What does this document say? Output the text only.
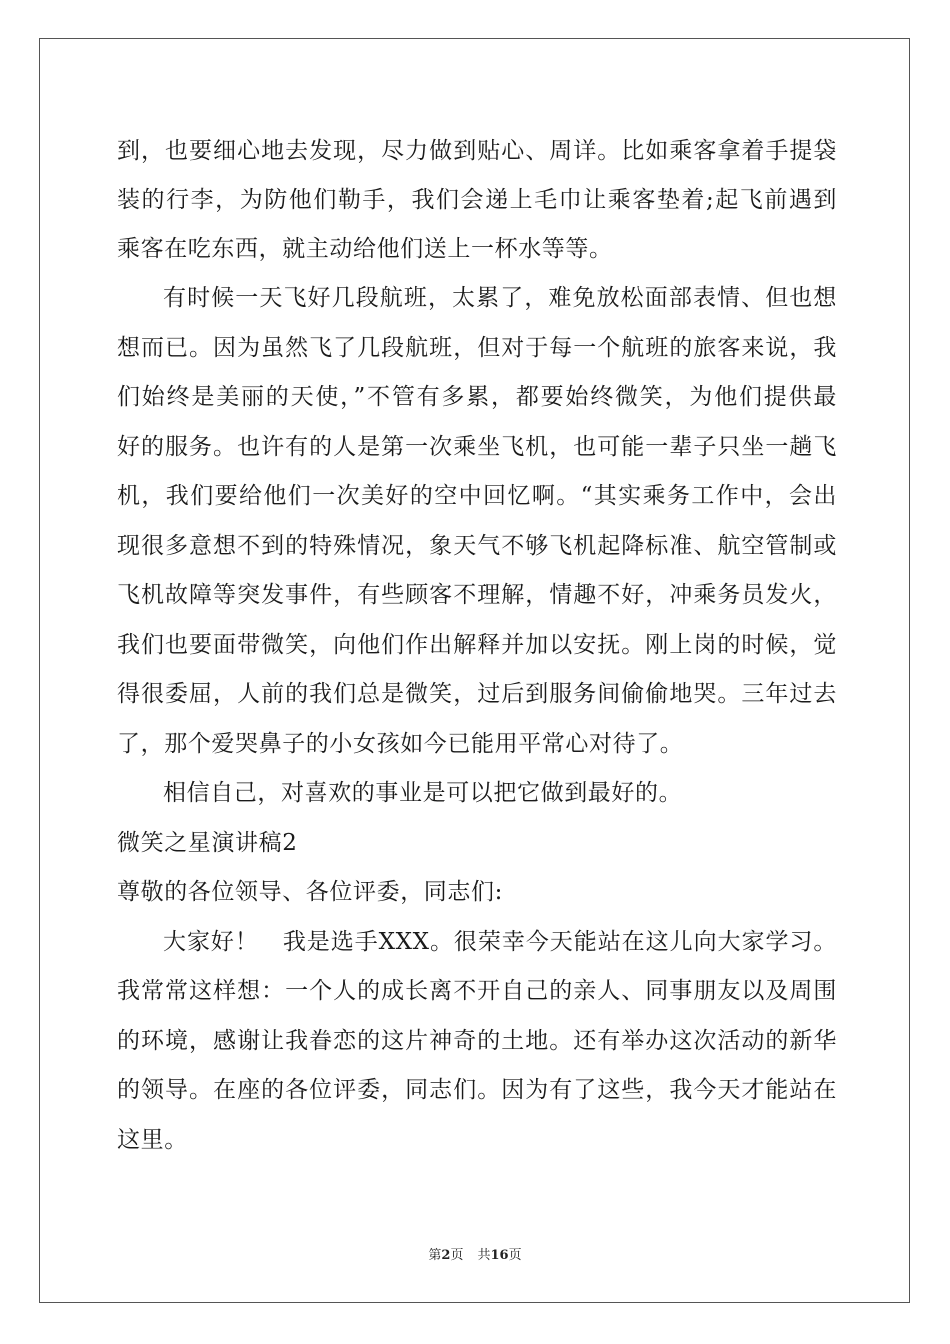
到，也要细心地去发现，尽力做到贴心、周详。比如乘客拿着手提袋
装的行李，为防他们勒手，我们会递上毛巾让乘客垫着;起飞前遇到
乘客在吃东西，就主动给他们送上一杯水等等。
有时候一天飞好几段航班，太累了，难免放松面部表情、但也想
想而已。因为虽然飞了几段航班，但对于每一个航班的旅客来说，我
们始终是美丽的天使，”不管有多累，都要始终微笑，为他们提供最
好的服务。也许有的人是第一次乘坐飞机，也可能一辈子只坐一趟飞
机，我们要给他们一次美好的空中回忆啊。“其实乘务工作中，会出
现很多意想不到的特殊情况，象天气不够飞机起降标准、航空管制或
飞机故障等突发事件，有些顾客不理解，情趣不好，冲乘务员发火，
我们也要面带微笑，向他们作出解释并加以安抚。刚上岗的时候，觉
得很委屈，人前的我们总是微笑，过后到服务间偷偷地哭。三年过去
了，那个爱哭鼻子的小女孩如今已能用平常心对待了。
相信自己，对喜欢的事业是可以把它做到最好的。
微笑之星演讲稿2
尊敬的各位领导、各位评委，同志们:
大家好！　我是选手XXX。很荣幸今天能站在这儿向大家学习。
我常常这样想：一个人的成长离不开自己的亲人、同事朋友以及周围
的环境，感谢让我眷恋的这片神奇的土地。还有举办这次活动的新华
的领导。在座的各位评委，同志们。因为有了这些，我今天才能站在
这里。
第2页 共16页
